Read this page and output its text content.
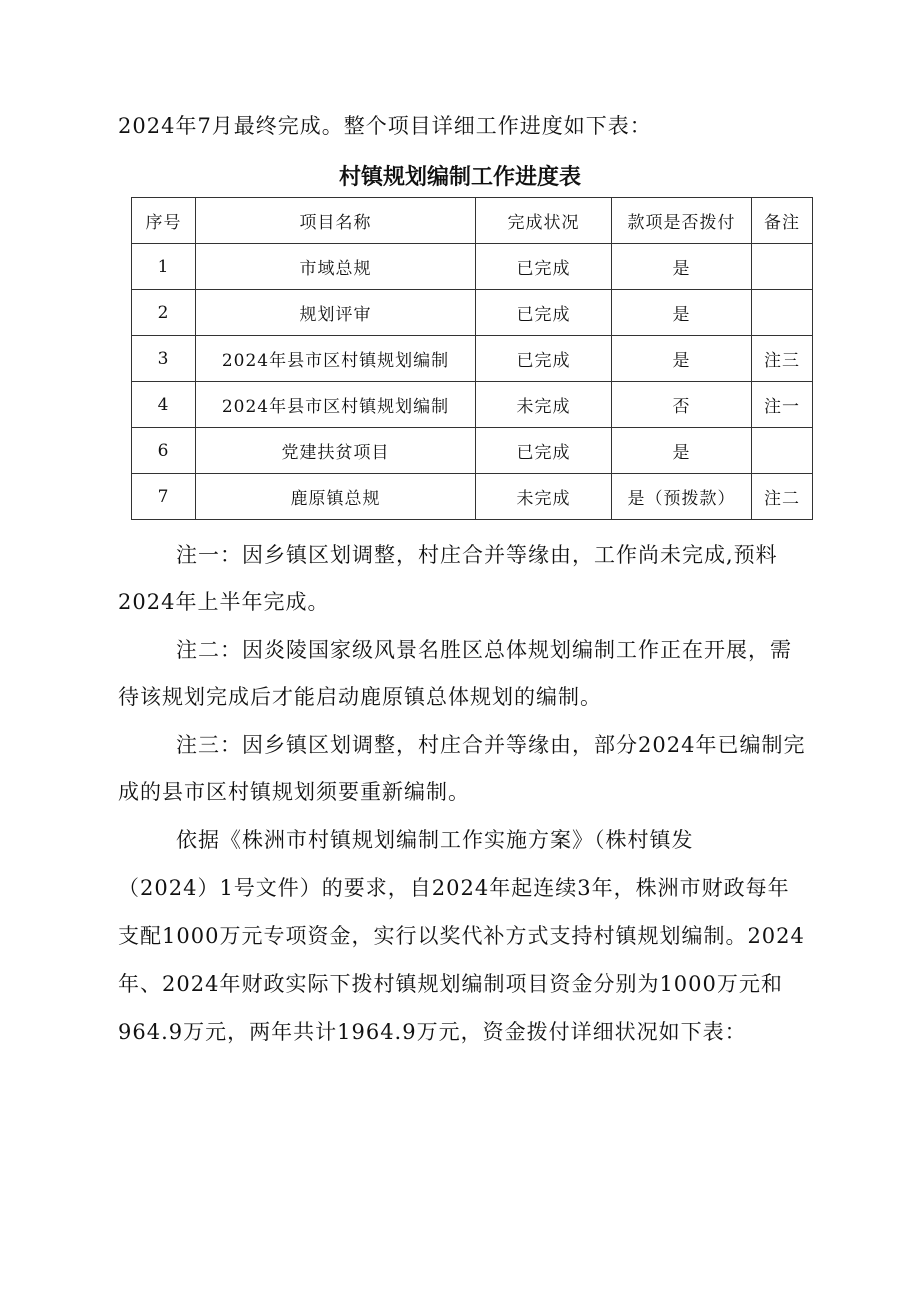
2024年7月最终完成。整个项目详细工作进度如下表：
村镇规划编制工作进度表
序号	项目名称	完成状况	款项是否拨付	备注
1	市域总规	已完成	是	
2	规划评审	已完成	是	
3	2024年县市区村镇规划编制	已完成	是	注三
4	2024年县市区村镇规划编制	未完成	否	注一
6	党建扶贫项目	已完成	是	
7	鹿原镇总规	未完成	是（预拨款）	注二
注一：因乡镇区划调整，村庄合并等缘由，工作尚未完成,预料
2024年上半年完成。
注二：因炎陵国家级风景名胜区总体规划编制工作正在开展，需
待该规划完成后才能启动鹿原镇总体规划的编制。
注三：因乡镇区划调整，村庄合并等缘由，部分2024年已编制完
成的县市区村镇规划须要重新编制。
依据《株洲市村镇规划编制工作实施方案》（株村镇发
（2024）1号文件）的要求，自2024年起连续3年，株洲市财政每年
支配1000万元专项资金，实行以奖代补方式支持村镇规划编制。2024
年、2024年财政实际下拨村镇规划编制项目资金分别为1000万元和
964.9万元，两年共计1964.9万元，资金拨付详细状况如下表：
